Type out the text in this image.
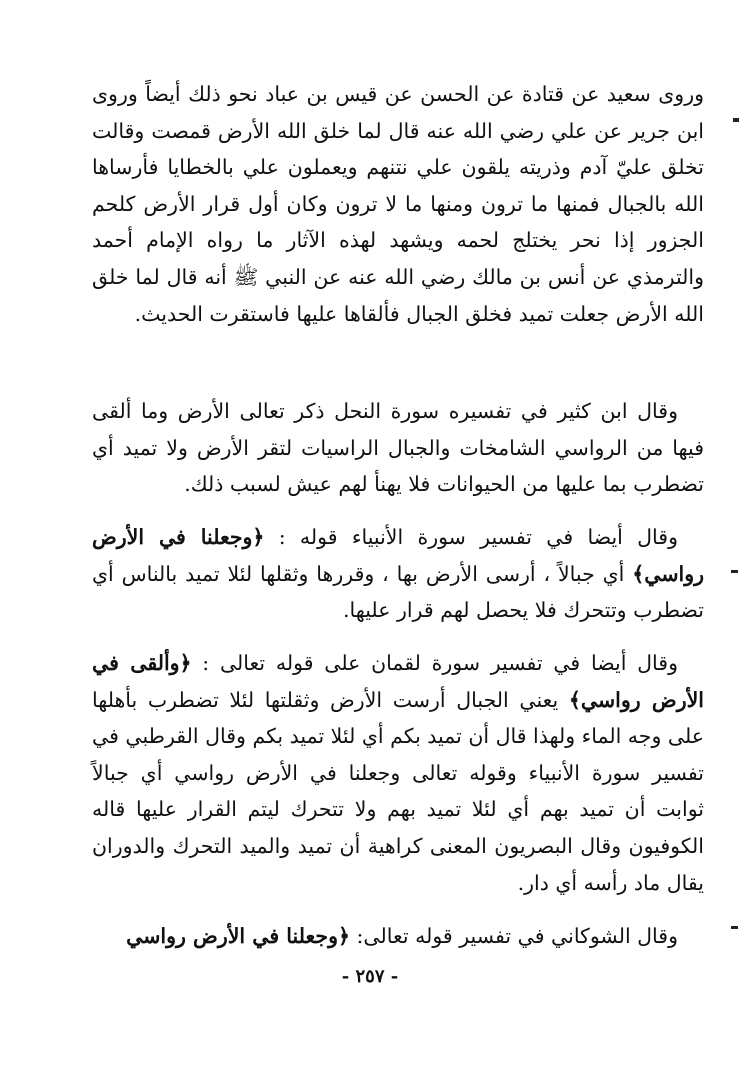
وروى سعيد عن قتادة عن الحسن عن قيس بن عباد نحو ذلك أيضاً وروى ابن جرير عن علي رضي الله عنه قال لما خلق الله الأرض قمصت وقالت تخلق عليّ آدم وذريته يلقون علي نتنهم ويعملون علي بالخطايا فأرساها الله بالجبال فمنها ما ترون ومنها ما لا ترون وكان أول قرار الأرض كلحم الجزور إذا نحر يختلج لحمه ويشهد لهذه الآثار ما رواه الإمام أحمد والترمذي عن أنس بن مالك رضي الله عنه عن النبي ﷺ أنه قال لما خلق الله الأرض جعلت تميد فخلق الجبال فألقاها عليها فاستقرت الحديث.

وقال ابن كثير في تفسيره سورة النحل ذكر تعالى الأرض وما ألقى فيها من الرواسي الشامخات والجبال الراسيات لتقر الأرض ولا تميد أي تضطرب بما عليها من الحيوانات فلا يهنأ لهم عيش لسبب ذلك.

وقال أيضا في تفسير سورة الأنبياء قوله : ﴿وجعلنا في الأرض رواسي﴾ أي جبالاً ، أرسى الأرض بها ، وقررها وثقلها لئلا تميد بالناس أي تضطرب وتتحرك فلا يحصل لهم قرار عليها.

وقال أيضا في تفسير سورة لقمان على قوله تعالى : ﴿وألقى في الأرض رواسي﴾ يعني الجبال أرست الأرض وثقلتها لئلا تضطرب بأهلها على وجه الماء ولهذا قال أن تميد بكم أي لئلا تميد بكم وقال القرطبي في تفسير سورة الأنبياء وقوله تعالى وجعلنا في الأرض رواسي أي جبالاً ثوابت أن تميد بهم أي لئلا تميد بهم ولا تتحرك ليتم القرار عليها قاله الكوفيون وقال البصريون المعنى كراهية أن تميد والميد التحرك والدوران يقال ماد رأسه أي دار.

وقال الشوكاني في تفسير قوله تعالى: ﴿وجعلنا في الأرض رواسي

- ٢٥٧ -
